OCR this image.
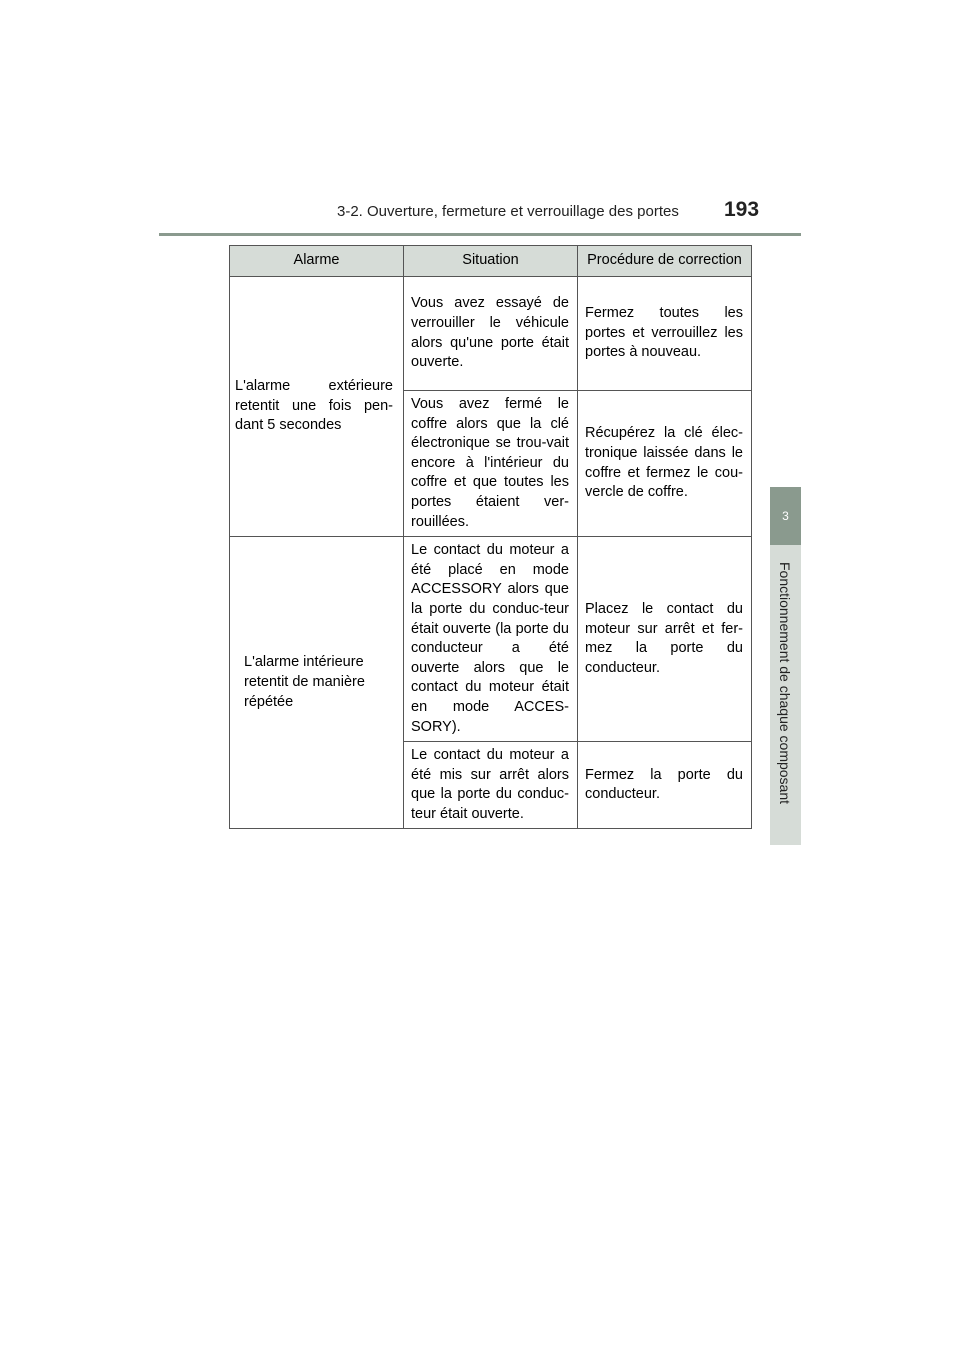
3-2. Ouverture, fermeture et verrouillage des portes 193
3
Fonctionnement de chaque composant
Alarme	Situation	Procédure de correction

L'alarme extérieure retentit une fois pen-dant 5 secondes	Vous avez essayé de verrouiller le véhicule alors qu'une porte était ouverte.	Fermez toutes les portes et verrouillez les portes à nouveau.

	Vous avez fermé le coffre alors que la clé électronique se trou-vait encore à l'intérieur du coffre et que toutes les portes étaient ver-rouillées.	Récupérez la clé élec-tronique laissée dans le coffre et fermez le cou-vercle de coffre.

L'alarme intérieure retentit de manière répétée	Le contact du moteur a été placé en mode ACCESSORY alors que la porte du conduc-teur était ouverte (la porte du conducteur a été ouverte alors que le contact du moteur était en mode ACCES-SORY).	Placez le contact du moteur sur arrêt et fer-mez la porte du conducteur.

	Le contact du moteur a été mis sur arrêt alors que la porte du conduc-teur était ouverte.	Fermez la porte du conducteur.
